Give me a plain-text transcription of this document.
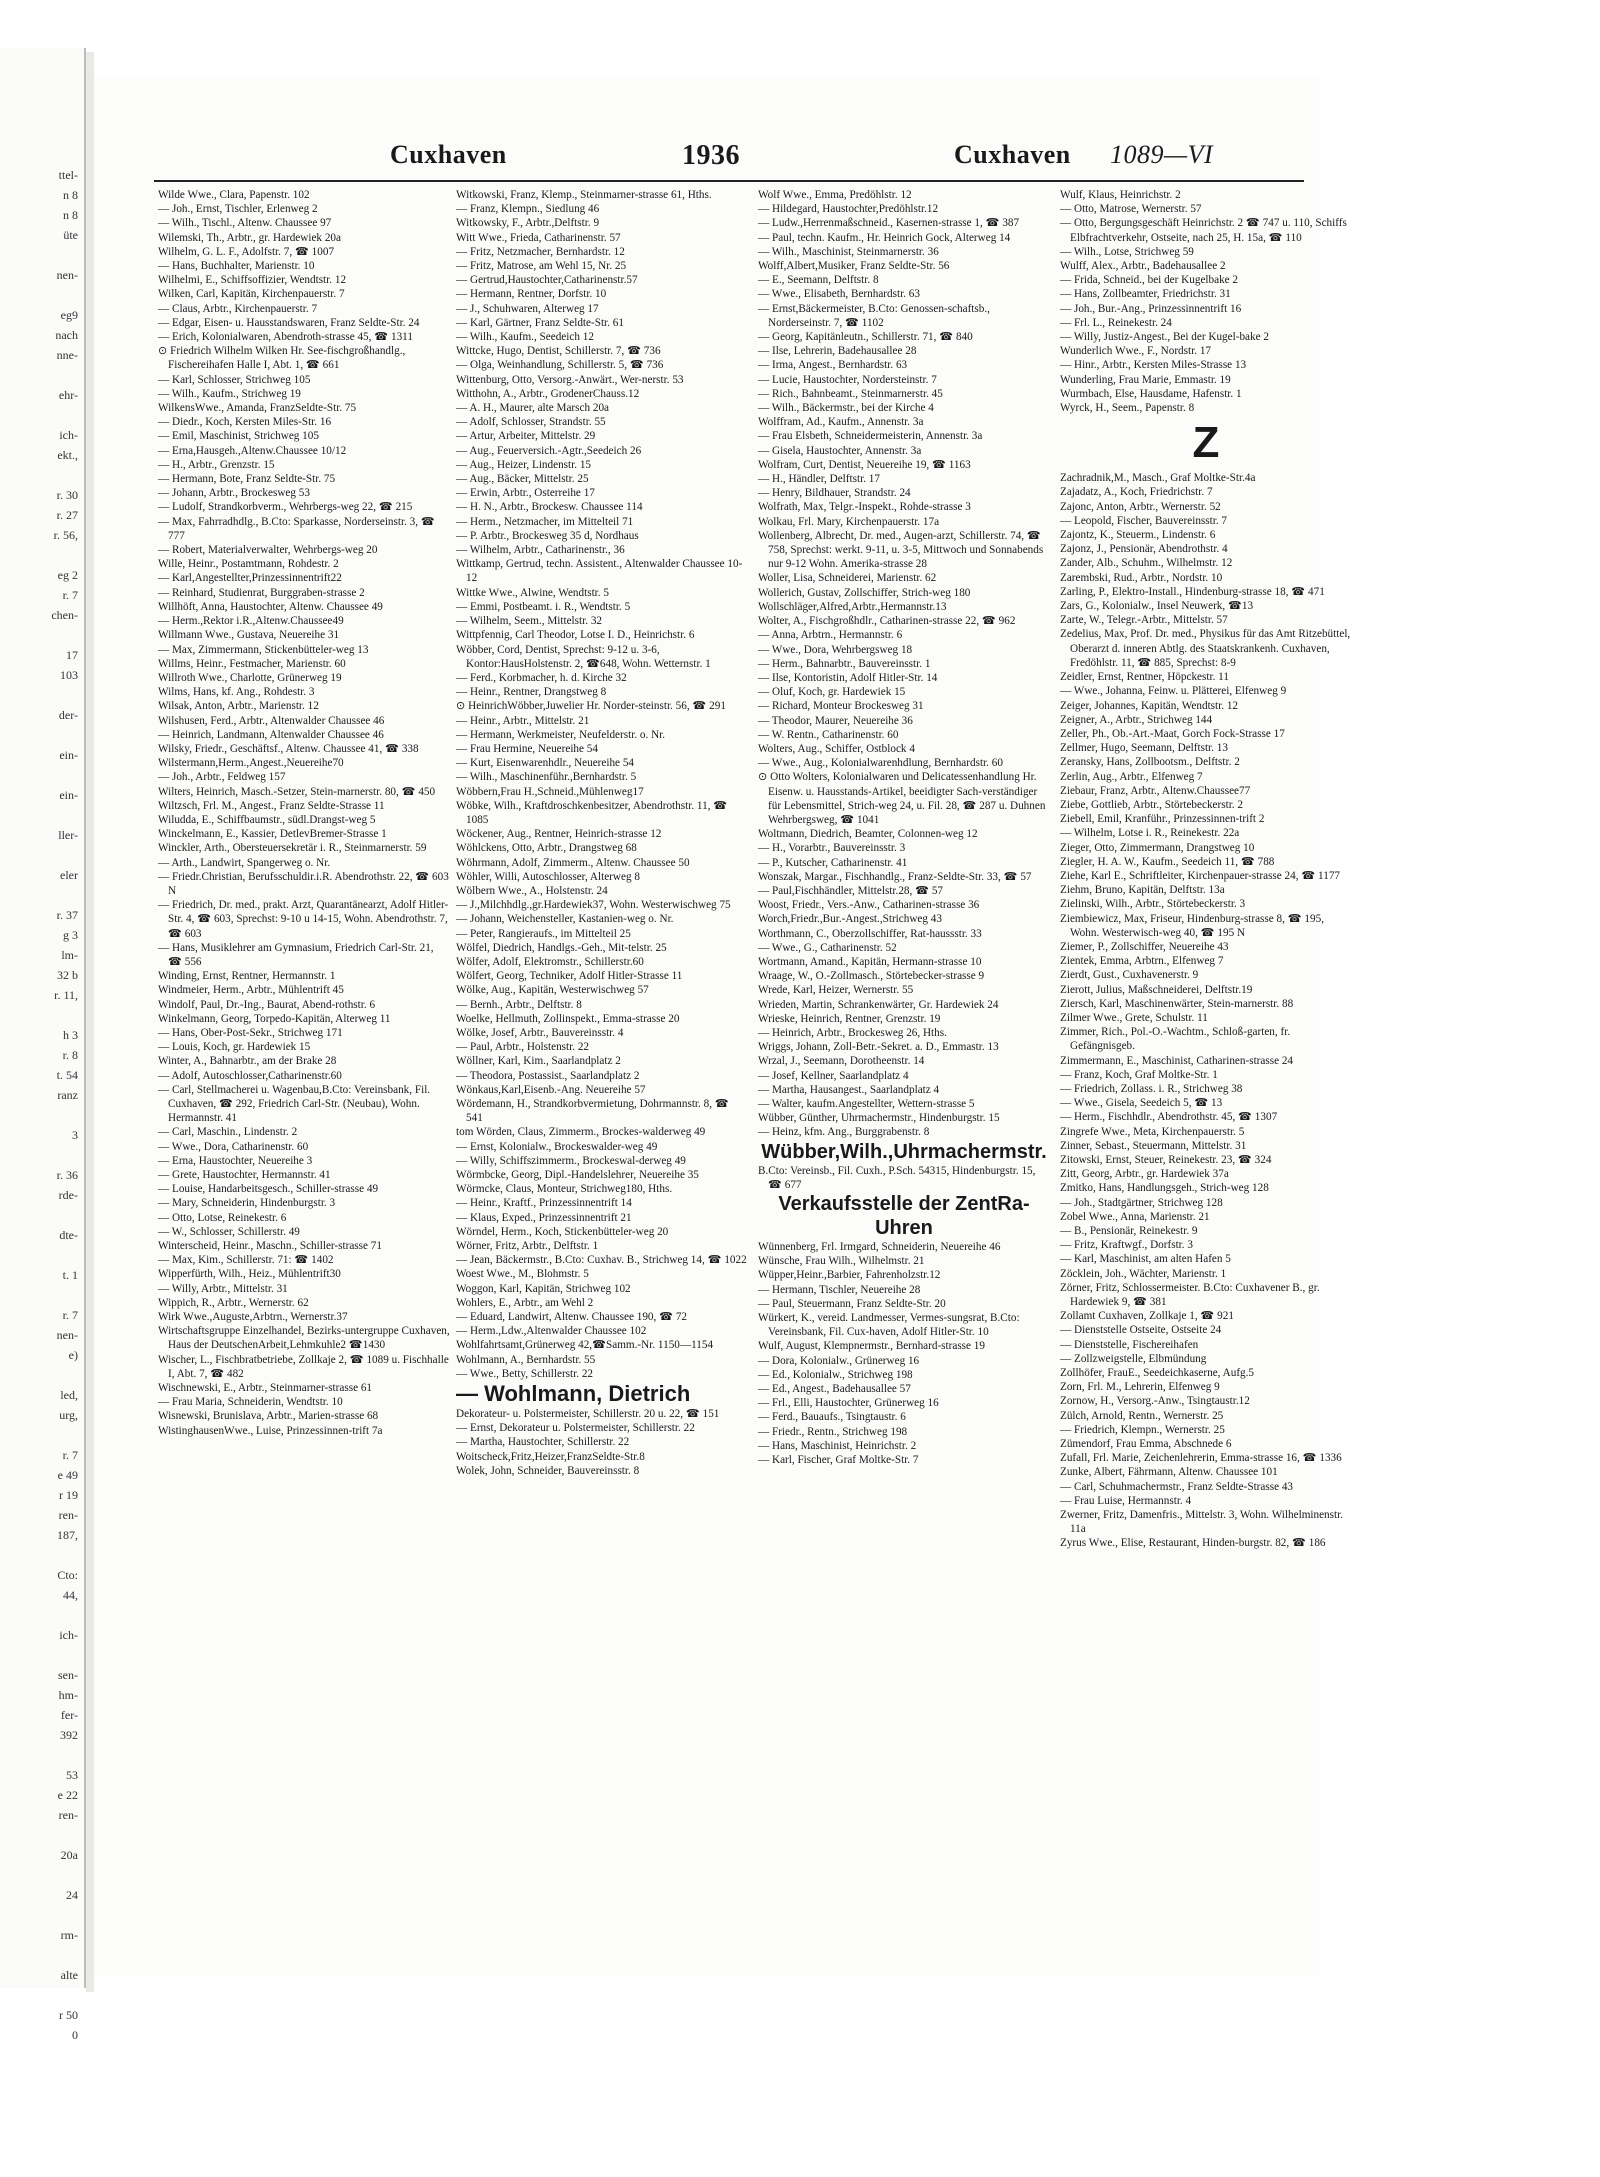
ttel-
n 8
n 8
üte
nen-
eg9
nach
nne-
ehr-
ich-
ekt.,
r. 30
r. 27
r. 56,
eg 2
r. 7
chen-
17
103
der-
ein-
ein-
ller-
eler
r. 37
g 3
lm-
32 b
r. 11,
h 3
r. 8
t. 54
ranz
3
r. 36
rde-
dte-
t. 1
r. 7
nen-
e)
led,
urg,
r. 7
e 49
r 19
ren-
187,
Cto:
44,
ich-
sen-
hm-
fer-
392
53
e 22
ren-
20a
24
rm-
alte
r 50
0
Cuxhaven	1936	Cuxhaven 1089—VI
Wilde Wwe., Clara, Papenstr. 102
— Joh., Ernst, Tischler, Erlenweg 2
— Wilh., Tischl., Altenw. Chaussee 97
Wilemski, Th., Arbtr., gr. Hardewiek 20a
Wilhelm, G. L. F., Adolfstr. 7, ☎ 1007
— Hans, Buchhalter, Marienstr. 10
Wilhelmi, E., Schiffsoffizier, Wendtstr. 12
Wilken, Carl, Kapitän, Kirchenpauerstr. 7
— Claus, Arbtr., Kirchenpauerstr. 7
— Edgar, Eisen- u. Hausstandswaren, Franz Seldte-Str. 24
— Erich, Kolonialwaren, Abendroth-strasse 45, ☎ 1311
⊙ Friedrich Wilhelm Wilken Hr. See-fischgroßhandlg., Fischereihafen Halle I, Abt. 1, ☎ 661
— Karl, Schlosser, Strichweg 105
— Wilh., Kaufm., Strichweg 19
WilkensWwe., Amanda, FranzSeldte-Str. 75
— Diedr., Koch, Kersten Miles-Str. 16
— Emil, Maschinist, Strichweg 105
— Erna,Hausgeh.,Altenw.Chaussee 10/12
— H., Arbtr., Grenzstr. 15
— Hermann, Bote, Franz Seldte-Str. 75
— Johann, Arbtr., Brockesweg 53
— Ludolf, Strandkorbverm., Wehrbergs-weg 22, ☎ 215
— Max, Fahrradhdlg., B.Cto: Sparkasse, Norderseinstr. 3, ☎ 777
— Robert, Materialverwalter, Wehrbergs-weg 20
Wille, Heinr., Postamtmann, Rohdestr. 2
— Karl,Angestellter,Prinzessinnentrift22
— Reinhard, Studienrat, Burggraben-strasse 2
Willhöft, Anna, Haustochter, Altenw. Chaussee 49
— Herm.,Rektor i.R.,Altenw.Chaussee49
Willmann Wwe., Gustava, Neuereihe 31
— Max, Zimmermann, Stickenbütteler-weg 13
Willms, Heinr., Festmacher, Marienstr. 60
Willroth Wwe., Charlotte, Grünerweg 19
Wilms, Hans, kf. Ang., Rohdestr. 3
Wilsak, Anton, Arbtr., Marienstr. 12
Wilshusen, Ferd., Arbtr., Altenwalder Chaussee 46
— Heinrich, Landmann, Altenwalder Chaussee 46
Wilsky, Friedr., Geschäftsf., Altenw. Chaussee 41, ☎ 338
Wilstermann,Herm.,Angest.,Neuereihe70
— Joh., Arbtr., Feldweg 157
Wilters, Heinrich, Masch.-Setzer, Stein-marnerstr. 80, ☎ 450
Wiltzsch, Frl. M., Angest., Franz Seldte-Strasse 11
Wiludda, E., Schiffbaumstr., südl.Drangst-weg 5
Winckelmann, E., Kassier, DetlevBremer-Strasse 1
Winckler, Arth., Obersteuersekretär i. R., Steinmarnerstr. 59
— Arth., Landwirt, Spangerweg o. Nr.
— Friedr.Christian, Berufsschuldir.i.R. Abendrothstr. 22, ☎ 603 N
— Friedrich, Dr. med., prakt. Arzt, Quarantänearzt, Adolf Hitler-Str. 4, ☎ 603, Sprechst: 9-10 u 14-15, Wohn. Abendrothstr. 7, ☎ 603
— Hans, Musiklehrer am Gymnasium, Friedrich Carl-Str. 21, ☎ 556
Winding, Ernst, Rentner, Hermannstr. 1
Windmeier, Herm., Arbtr., Mühlentrift 45
Windolf, Paul, Dr.-Ing., Baurat, Abend-rothstr. 6
Winkelmann, Georg, Torpedo-Kapitän, Alterweg 11
— Hans, Ober-Post-Sekr., Strichweg 171
— Louis, Koch, gr. Hardewiek 15
Winter, A., Bahnarbtr., am der Brake 28
— Adolf, Autoschlosser,Catharinenstr.60
— Carl, Stellmacherei u. Wagenbau,B.Cto: Vereinsbank, Fil. Cuxhaven, ☎ 292, Friedrich Carl-Str. (Neubau), Wohn. Hermannstr. 41
— Carl, Maschin., Lindenstr. 2
— Wwe., Dora, Catharinenstr. 60
— Erna, Haustochter, Neuereihe 3
— Grete, Haustochter, Hermannstr. 41
— Louise, Handarbeitsgesch., Schiller-strasse 49
— Mary, Schneiderin, Hindenburgstr. 3
— Otto, Lotse, Reinekestr. 6
— W., Schlosser, Schillerstr. 49
Winterscheid, Heinr., Maschn., Schiller-strasse 71
— Max, Kim., Schillerstr. 71: ☎ 1402
Wipperfürth, Wilh., Heiz., Mühlentrift30
— Willy, Arbtr., Mittelstr. 31
Wippich, R., Arbtr., Wernerstr. 62
Wirk Wwe.,Auguste,Arbtrn., Wernerstr.37
Wirtschaftsgruppe Einzelhandel, Bezirks-untergruppe Cuxhaven, Haus der DeutschenArbeit,Lehmkuhle2 ☎1430
Wischer, L., Fischbratbetriebe, Zollkaje 2, ☎ 1089 u. Fischhalle I, Abt. 7, ☎ 482
Wischnewski, E., Arbtr., Steinmarner-strasse 61
— Frau Maria, Schneiderin, Wendtstr. 10
Wisnewski, Brunislava, Arbtr., Marien-strasse 68
WistinghausenWwe., Luise, Prinzessinnen-trift 7a
Witkowski, Franz, Klemp., Steinmarner-strasse 61, Hths.
— Franz, Klempn., Siedlung 46
Witkowsky, F., Arbtr.,Delftstr. 9
Witt Wwe., Frieda, Catharinenstr. 57
— Fritz, Netzmacher, Bernhardstr. 12
— Fritz, Matrose, am Wehl 15, Nr. 25
— Gertrud,Haustochter,Catharinenstr.57
— Hermann, Rentner, Dorfstr. 10
— J., Schuhwaren, Alterweg 17
— Karl, Gärtner, Franz Seldte-Str. 61
— Wilh., Kaufm., Seedeich 12
Wittcke, Hugo, Dentist, Schillerstr. 7, ☎ 736
— Olga, Weinhandlung, Schillerstr. 5, ☎ 736
Wittenburg, Otto, Versorg.-Anwärt., Wer-nerstr. 53
Witthohn, A., Arbtr., GrodenerChauss.12
— A. H., Maurer, alte Marsch 20a
— Adolf, Schlosser, Strandstr. 55
— Artur, Arbeiter, Mittelstr. 29
— Aug., Feuerversich.-Agtr.,Seedeich 26
— Aug., Heizer, Lindenstr. 15
— Aug., Bäcker, Mittelstr. 25
— Erwin, Arbtr., Osterreihe 17
— H. N., Arbtr., Brockesw. Chaussee 114
— Herm., Netzmacher, im Mittelteil 71
— P. Arbtr., Brockesweg 35 d, Nordhaus
— Wilhelm, Arbtr., Catharinenstr., 36
Wittkamp, Gertrud, techn. Assistent., Altenwalder Chaussee 10-12
Wittke Wwe., Alwine, Wendtstr. 5
— Emmi, Postbeamt. i. R., Wendtstr. 5
— Wilhelm, Seem., Mittelstr. 32
Wittpfennig, Carl Theodor, Lotse I. D., Heinrichstr. 6
Wöbber, Cord, Dentist, Sprechst: 9-12 u. 3-6, Kontor:HausHolstenstr. 2, ☎648, Wohn. Wetternstr. 1
— Ferd., Korbmacher, h. d. Kirche 32
— Heinr., Rentner, Drangstweg 8
⊙ HeinrichWöbber,Juwelier Hr. Norder-steinstr. 56, ☎ 291
— Heinr., Arbtr., Mittelstr. 21
— Hermann, Werkmeister, Neufelderstr. o. Nr.
— Frau Hermine, Neuereihe 54
— Kurt, Eisenwarenhdlr., Neuereihe 54
— Wilh., Maschinenführ.,Bernhardstr. 5
Wöbbern,Frau H.,Schneid.,Mühlenweg17
Wöbke, Wilh., Kraftdroschkenbesitzer, Abendrothstr. 11, ☎ 1085
Wöckener, Aug., Rentner, Heinrich-strasse 12
Wöhlckens, Otto, Arbtr., Drangstweg 68
Wöhrmann, Adolf, Zimmerm., Altenw. Chaussee 50
Wöhler, Willi, Autoschlosser, Alterweg 8
Wölbern Wwe., A., Holstenstr. 24
— J.,Milchhdlg.,gr.Hardewiek37, Wohn. Westerwischweg 75
— Johann, Weichensteller, Kastanien-weg o. Nr.
— Peter, Rangieraufs., im Mittelteil 25
Wölfel, Diedrich, Handlgs.-Geh., Mit-telstr. 25
Wölfer, Adolf, Elektromstr., Schillerstr.60
Wölfert, Georg, Techniker, Adolf Hitler-Strasse 11
Wölke, Aug., Kapitän, Westerwischweg 57
— Bernh., Arbtr., Delftstr. 8
Woelke, Hellmuth, Zollinspekt., Emma-strasse 20
Wölke, Josef, Arbtr., Bauvereinsstr. 4
— Paul, Arbtr., Holstenstr. 22
Wöllner, Karl, Kim., Saarlandplatz 2
— Theodora, Postassist., Saarlandplatz 2
Wönkaus,Karl,Eisenb.-Ang. Neuereihe 57
Wördemann, H., Strandkorbvermietung, Dohrmannstr. 8, ☎ 541
tom Wörden, Claus, Zimmerm., Brockes-walderweg 49
— Ernst, Kolonialw., Brockeswalder-weg 49
— Willy, Schiffszimmerm., Brockeswal-derweg 49
Wörmbcke, Georg, Dipl.-Handelslehrer, Neuereihe 35
Wörmcke, Claus, Monteur, Strichweg180, Hths.
— Heinr., Kraftf., Prinzessinnentrift 14
— Klaus, Exped., Prinzessinnentrift 21
Wörndel, Herm., Koch, Stickenbütteler-weg 20
Wörner, Fritz, Arbtr., Delftstr. 1
— Jean, Bäckermstr., B.Cto: Cuxhav. B., Strichweg 14, ☎ 1022
Woest Wwe., M., Blohmstr. 5
Woggon, Karl, Kapitän, Strichweg 102
Wohlers, E., Arbtr., am Wehl 2
— Eduard, Landwirt, Altenw. Chaussee 190, ☎ 72
— Herm.,Ldw.,Altenwalder Chaussee 102
Wohlfahrtsamt,Grünerweg 42,☎Samm.-Nr. 1150—1154
Wohlmann, A., Bernhardstr. 55
— Wwe., Betty, Schillerstr. 22
— Wohlmann, Dietrich
Dekorateur- u. Polstermeister, Schillerstr. 20 u. 22, ☎ 151
— Ernst, Dekorateur u. Polstermeister, Schillerstr. 22
— Martha, Haustochter, Schillerstr. 22
Woitscheck,Fritz,Heizer,FranzSeldte-Str.8
Wolek, John, Schneider, Bauvereinsstr. 8
Wolf Wwe., Emma, Predöhlstr. 12
— Hildegard, Haustochter,Predöhlstr.12
— Ludw.,Herrenmaßschneid., Kasernen-strasse 1, ☎ 387
— Paul, techn. Kaufm., Hr. Heinrich Gock, Alterweg 14
— Wilh., Maschinist, Steinmarnerstr. 36
Wolff,Albert,Musiker, Franz Seldte-Str. 56
— E., Seemann, Delftstr. 8
— Wwe., Elisabeth, Bernhardstr. 63
— Ernst,Bäckermeister, B.Cto: Genossen-schaftsb., Norderseinstr. 7, ☎ 1102
— Georg, Kapitänleutn., Schillerstr. 71, ☎ 840
— Ilse, Lehrerin, Badehausallee 28
— Irma, Angest., Bernhardstr. 63
— Lucie, Haustochter, Nordersteinstr. 7
— Rich., Bahnbeamt., Steinmarnerstr. 45
— Wilh., Bäckermstr., bei der Kirche 4
Wolffram, Ad., Kaufm., Annenstr. 3a
— Frau Elsbeth, Schneidermeisterin, Annenstr. 3a
— Gisela, Haustochter, Annenstr. 3a
Wolfram, Curt, Dentist, Neuereihe 19, ☎ 1163
— H., Händler, Delftstr. 17
— Henry, Bildhauer, Strandstr. 24
Wolfrath, Max, Telgr.-Inspekt., Rohde-strasse 3
Wolkau, Frl. Mary, Kirchenpauerstr. 17a
Wollenberg, Albrecht, Dr. med., Augen-arzt, Schillerstr. 74, ☎ 758, Sprechst: werkt. 9-11, u. 3-5, Mittwoch und Sonnabends nur 9-12 Wohn. Amerika-strasse 28
Woller, Lisa, Schneiderei, Marienstr. 62
Wollerich, Gustav, Zollschiffer, Strich-weg 180
Wollschläger,Alfred,Arbtr.,Hermannstr.13
Wolter, A., Fischgroßhdlr., Catharinen-strasse 22, ☎ 962
— Anna, Arbtrn., Hermannstr. 6
— Wwe., Dora, Wehrbergsweg 18
— Herm., Bahnarbtr., Bauvereinsstr. 1
— Ilse, Kontoristin, Adolf Hitler-Str. 14
— Oluf, Koch, gr. Hardewiek 15
— Richard, Monteur Brockesweg 31
— Theodor, Maurer, Neuereihe 36
— W. Rentn., Catharinenstr. 60
Wolters, Aug., Schiffer, Ostblock 4
— Wwe., Aug., Kolonialwarenhdlung, Bernhardstr. 60
⊙ Otto Wolters, Kolonialwaren und Delicatessenhandlung Hr. Eisenw. u. Hausstands-Artikel, beeidigter Sach-verständiger für Lebensmittel, Strich-weg 24, u. Fil. 28, ☎ 287 u. Duhnen Wehrbergsweg, ☎ 1041
Woltmann, Diedrich, Beamter, Colonnen-weg 12
— H., Vorarbtr., Bauvereinsstr. 3
— P., Kutscher, Catharinenstr. 41
Wonszak, Margar., Fischhandlg., Franz-Seldte-Str. 33, ☎ 57
— Paul,Fischhändler, Mittelstr.28, ☎ 57
Woost, Friedr., Vers.-Anw., Catharinen-strasse 36
Worch,Friedr.,Bur.-Angest.,Strichweg 43
Worthmann, C., Oberzollschiffer, Rat-haussstr. 33
— Wwe., G., Catharinenstr. 52
Wortmann, Amand., Kapitän, Hermann-strasse 10
Wraage, W., O.-Zollmasch., Störtebecker-strasse 9
Wrede, Karl, Heizer, Wernerstr. 55
Wrieden, Martin, Schrankenwärter, Gr. Hardewiek 24
Wrieske, Heinrich, Rentner, Grenzstr. 19
— Heinrich, Arbtr., Brockesweg 26, Hths.
Wriggs, Johann, Zoll-Betr.-Sekret. a. D., Emmastr. 13
Wrzal, J., Seemann, Dorotheenstr. 14
— Josef, Kellner, Saarlandplatz 4
— Martha, Hausangest., Saarlandplatz 4
— Walter, kaufm.Angestellter, Wettern-strasse 5
Wübber, Günther, Uhrmachermstr., Hindenburgstr. 15
— Heinz, kfm. Ang., Burggrabenstr. 8
Wübber,Wilh.,Uhrmachermstr.
B.Cto: Vereinsb., Fil. Cuxh., P.Sch. 54315, Hindenburgstr. 15, ☎ 677
Verkaufsstelle der ZentRa-Uhren
Wünnenberg, Frl. Irmgard, Schneiderin, Neuereihe 46
Wünsche, Frau Wilh., Wilhelmstr. 21
Wüpper,Heinr.,Barbier, Fahrenholzstr.12
— Hermann, Tischler, Neuereihe 28
— Paul, Steuermann, Franz Seldte-Str. 20
Würkert, K., vereid. Landmesser, Vermes-sungsrat, B.Cto: Vereinsbank, Fil. Cux-haven, Adolf Hitler-Str. 10
Wulf, August, Klempnermstr., Bernhard-strasse 19
— Dora, Kolonialw., Grünerweg 16
— Ed., Kolonialw., Strichweg 198
— Ed., Angest., Badehausallee 57
— Frl., Elli, Haustochter, Grünerweg 16
— Ferd., Bauaufs., Tsingtaustr. 6
— Friedr., Rentn., Strichweg 198
— Hans, Maschinist, Heinrichstr. 2
— Karl, Fischer, Graf Moltke-Str. 7
Wulf, Klaus, Heinrichstr. 2
— Otto, Matrose, Wernerstr. 57
— Otto, Bergungsgeschäft Heinrichstr. 2 ☎ 747 u. 110, Schiffs Elbfrachtverkehr, Ostseite, nach 25, H. 15a, ☎ 110
— Wilh., Lotse, Strichweg 59
Wulff, Alex., Arbtr., Badehausallee 2
— Frida, Schneid., bei der Kugelbake 2
— Hans, Zollbeamter, Friedrichstr. 31
— Joh., Bur.-Ang., Prinzessinnentrift 16
— Frl. L., Reinekestr. 24
— Willy, Justiz-Angest., Bei der Kugel-bake 2
Wunderlich Wwe., F., Nordstr. 17
— Hinr., Arbtr., Kersten Miles-Strasse 13
Wunderling, Frau Marie, Emmastr. 19
Wurmbach, Else, Hausdame, Hafenstr. 1
Wyrck, H., Seem., Papenstr. 8
Z
Zachradnik,M., Masch., Graf Moltke-Str.4a
Zajadatz, A., Koch, Friedrichstr. 7
Zajonc, Anton, Arbtr., Wernerstr. 52
— Leopold, Fischer, Bauvereinsstr. 7
Zajontz, K., Steuerm., Lindenstr. 6
Zajonz, J., Pensionär, Abendrothstr. 4
Zander, Alb., Schuhm., Wilhelmstr. 12
Zarembski, Rud., Arbtr., Nordstr. 10
Zarling, P., Elektro-Install., Hindenburg-strasse 18, ☎ 471
Zars, G., Kolonialw., Insel Neuwerk, ☎13
Zarte, W., Telegr.-Arbtr., Mittelstr. 57
Zedelius, Max, Prof. Dr. med., Physikus für das Amt Ritzebüttel, Oberarzt d. inneren Abtlg. des Staatskrankenh. Cuxhaven, Fredöhlstr. 11, ☎ 885, Sprechst: 8-9
Zeidler, Ernst, Rentner, Höpckestr. 11
— Wwe., Johanna, Feinw. u. Plätterei, Elfenweg 9
Zeiger, Johannes, Kapitän, Wendtstr. 12
Zeigner, A., Arbtr., Strichweg 144
Zeller, Ph., Ob.-Art.-Maat, Gorch Fock-Strasse 17
Zellmer, Hugo, Seemann, Delftstr. 13
Zeransky, Hans, Zollbootsm., Delftstr. 2
Zerlin, Aug., Arbtr., Elfenweg 7
Ziebaur, Franz, Arbtr., Altenw.Chaussee77
Ziebe, Gottlieb, Arbtr., Störtebeckerstr. 2
Ziebell, Emil, Kranführ., Prinzessinnen-trift 2
— Wilhelm, Lotse i. R., Reinekestr. 22a
Zieger, Otto, Zimmermann, Drangstweg 10
Ziegler, H. A. W., Kaufm., Seedeich 11, ☎ 788
Ziehe, Karl E., Schriftleiter, Kirchenpauer-strasse 24, ☎ 1177
Ziehm, Bruno, Kapitän, Delftstr. 13a
Zielinski, Wilh., Arbtr., Störtebeckerstr. 3
Ziembiewicz, Max, Friseur, Hindenburg-strasse 8, ☎ 195, Wohn. Westerwisch-weg 40, ☎ 195 N
Ziemer, P., Zollschiffer, Neuereihe 43
Zientek, Emma, Arbtrn., Elfenweg 7
Zierdt, Gust., Cuxhavenerstr. 9
Zierott, Julius, Maßschneiderei, Delftstr.19
Ziersch, Karl, Maschinenwärter, Stein-marnerstr. 88
Zilmer Wwe., Grete, Schulstr. 11
Zimmer, Rich., Pol.-O.-Wachtm., Schloß-garten, fr. Gefängnisgeb.
Zimmermann, E., Maschinist, Catharinen-strasse 24
— Franz, Koch, Graf Moltke-Str. 1
— Friedrich, Zollass. i. R., Strichweg 38
— Wwe., Gisela, Seedeich 5, ☎ 13
— Herm., Fischhdlr., Abendrothstr. 45, ☎ 1307
Zingrefe Wwe., Meta, Kirchenpauerstr. 5
Zinner, Sebast., Steuermann, Mittelstr. 31
Zitowski, Ernst, Steuer, Reinekestr. 23, ☎ 324
Zitt, Georg, Arbtr., gr. Hardewiek 37a
Zmitko, Hans, Handlungsgeh., Strich-weg 128
— Joh., Stadtgärtner, Strichweg 128
Zobel Wwe., Anna, Marienstr. 21
— B., Pensionär, Reinekestr. 9
— Fritz, Kraftwgf., Dorfstr. 3
— Karl, Maschinist, am alten Hafen 5
Zöcklein, Joh., Wächter, Marienstr. 1
Zörner, Fritz, Schlossermeister. B.Cto: Cuxhavener B., gr. Hardewiek 9, ☎ 381
Zollamt Cuxhaven, Zollkaje 1, ☎ 921
— Dienststelle Ostseite, Ostseite 24
— Dienststelle, Fischereihafen
— Zollzweigstelle, Elbmündung
Zollhöfer, FrauE., Seedeichkaserne, Aufg.5
Zorn, Frl. M., Lehrerin, Elfenweg 9
Zornow, H., Versorg.-Anw., Tsingtaustr.12
Zülch, Arnold, Rentn., Wernerstr. 25
— Friedrich, Klempn., Wernerstr. 25
Zümendorf, Frau Emma, Abschnede 6
Zufall, Frl. Marie, Zeichenlehrerin, Emma-strasse 16, ☎ 1336
Zunke, Albert, Fährmann, Altenw. Chaussee 101
— Carl, Schuhmachermstr., Franz Seldte-Strasse 43
— Frau Luise, Hermannstr. 4
Zwerner, Fritz, Damenfris., Mittelstr. 3, Wohn. Wilhelminenstr. 11a
Zyrus Wwe., Elise, Restaurant, Hinden-burgstr. 82, ☎ 186
